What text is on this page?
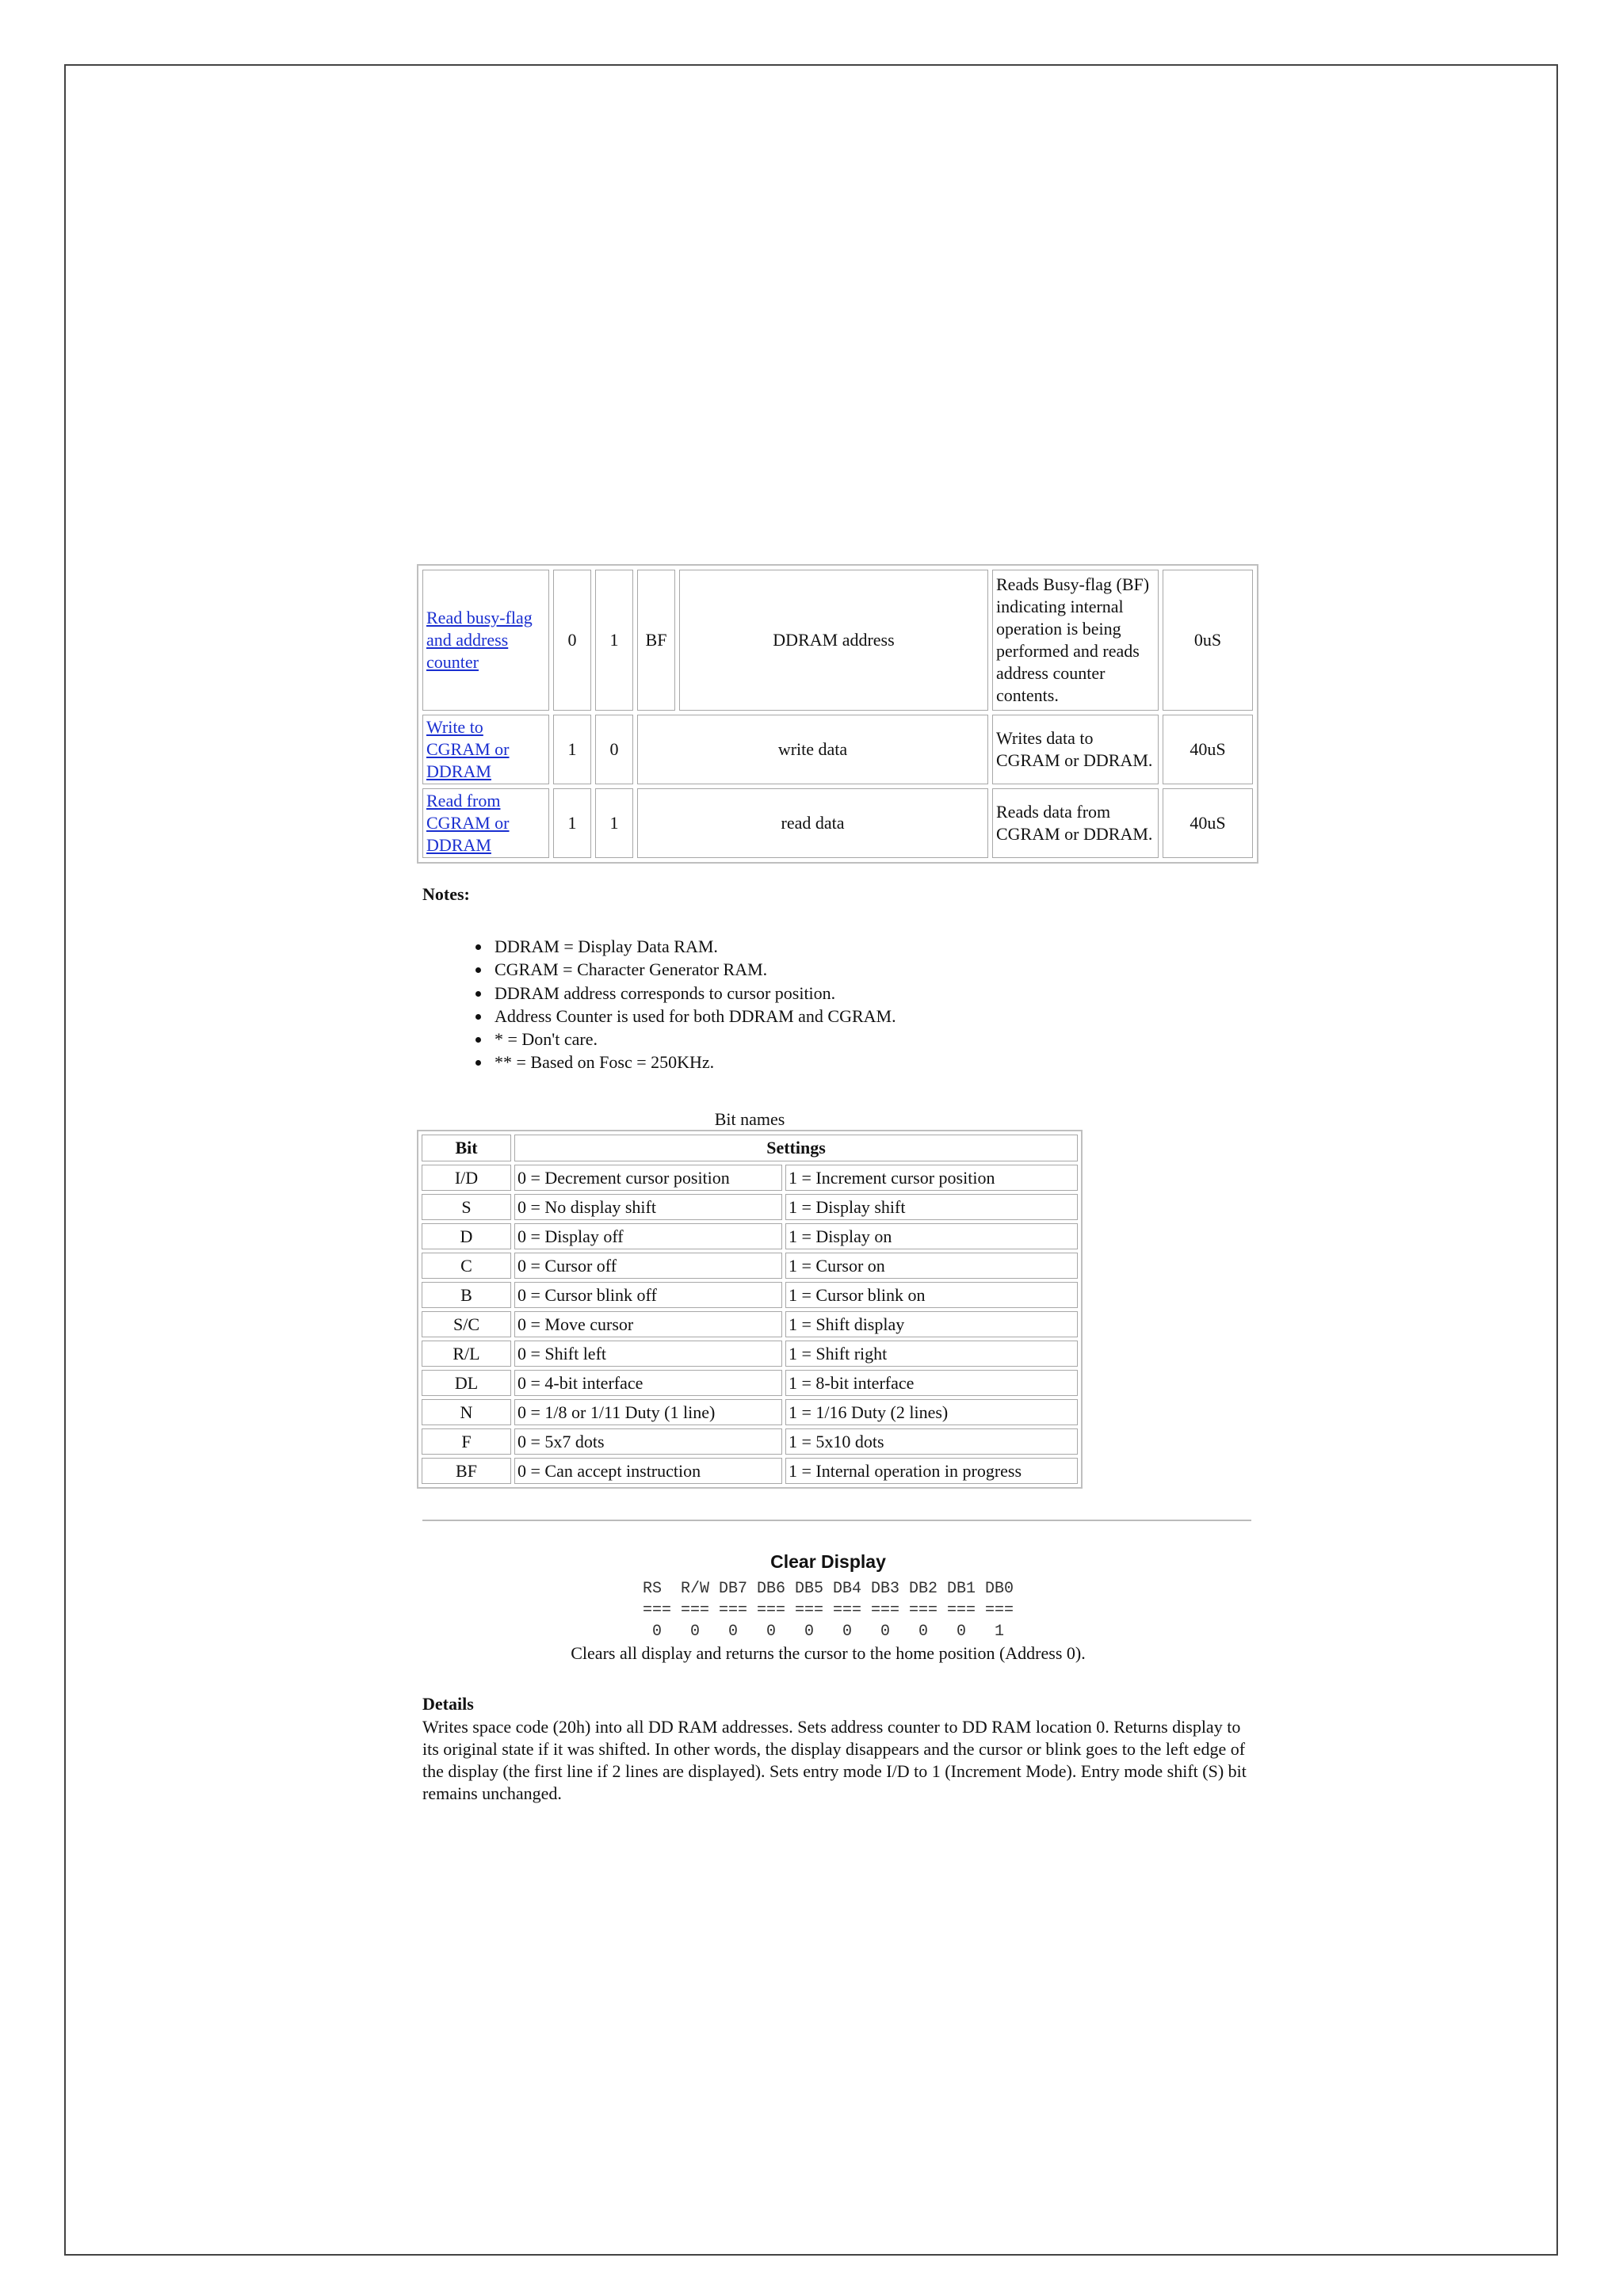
Read busy-flag and address counter	0	1	BF	DDRAM address	Reads Busy-flag (BF) indicating internal operation is being performed and reads address counter contents.	0uS
Write to CGRAM or DDRAM	1	0	write data		Writes data to CGRAM or DDRAM.	40uS
Read from CGRAM or DDRAM	1	1	read data		Reads data from CGRAM or DDRAM.	40uS
Notes:
• DDRAM = Display Data RAM.
• CGRAM = Character Generator RAM.
• DDRAM address corresponds to cursor position.
• Address Counter is used for both DDRAM and CGRAM.
• * = Don't care.
• ** = Based on Fosc = 250KHz.
Bit names
Bit	Settings	
I/D	0 = Decrement cursor position	1 = Increment cursor position
S	0 = No display shift	1 = Display shift
D	0 = Display off	1 = Display on
C	0 = Cursor off	1 = Cursor on
B	0 = Cursor blink off	1 = Cursor blink on
S/C	0 = Move cursor	1 = Shift display
R/L	0 = Shift left	1 = Shift right
DL	0 = 4-bit interface	1 = 8-bit interface
N	0 = 1/8 or 1/11 Duty (1 line)	1 = 1/16 Duty (2 lines)
F	0 = 5x7 dots	1 = 5x10 dots
BF	0 = Can accept instruction	1 = Internal operation in progress
Clear Display
RS  R/W DB7 DB6 DB5 DB4 DB3 DB2 DB1 DB0
=== === === === === === === === === ===
0   0   0   0   0   0   0   0   0   1
Clears all display and returns the cursor to the home position (Address 0).
Details
Writes space code (20h) into all DD RAM addresses. Sets address counter to DD RAM location 0. Returns display to its original state if it was shifted. In other words, the display disappears and the cursor or blink goes to the left edge of the display (the first line if 2 lines are displayed). Sets entry mode I/D to 1 (Increment Mode). Entry mode shift (S) bit remains unchanged.
